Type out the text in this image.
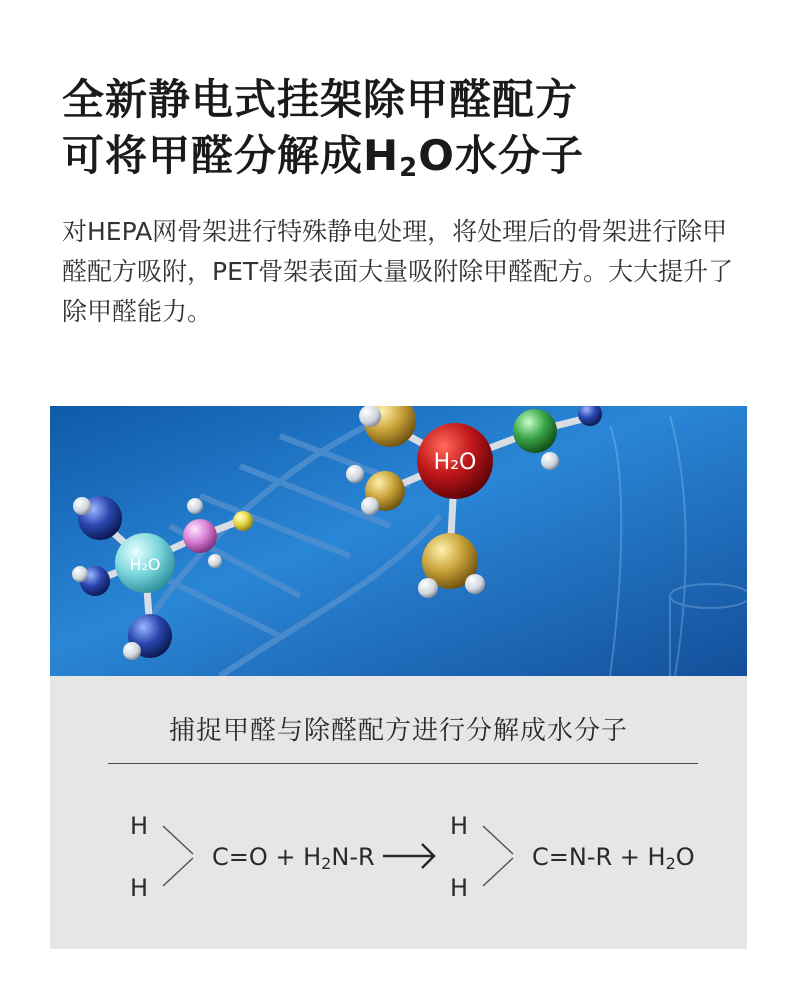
全新静电式挂架除甲醛配方
可将甲醛分解成$H_2O$水分子
对HEPA网骨架进行特殊静电处理，将处理后的骨架进行除甲醛配方吸附，PET骨架表面大量吸附除甲醛配方。大大提升了除甲醛能力。
H₂O
H₂O
捕捉甲醛与除醛配方进行分解成水分子
H
H
$C=O + H_2N-R$
H
H
$C=N-R + H_2O$
